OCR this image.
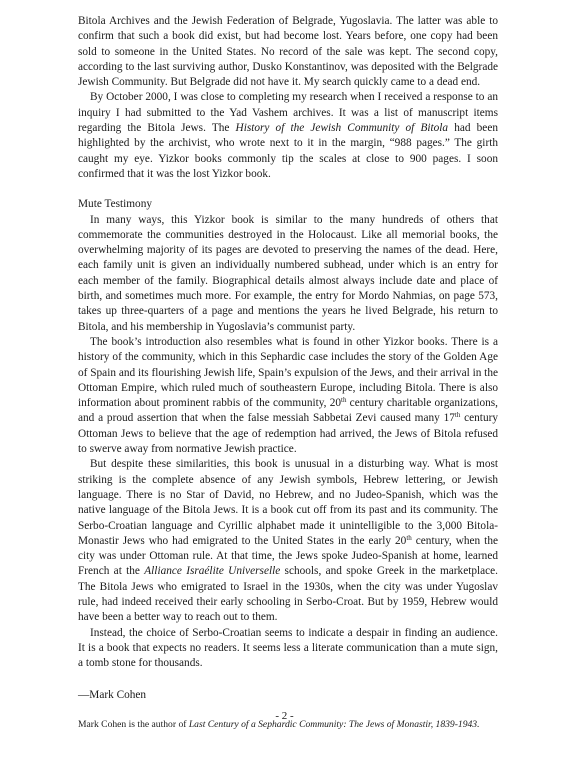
Bitola Archives and the Jewish Federation of Belgrade, Yugoslavia. The latter was able to confirm that such a book did exist, but had become lost. Years before, one copy had been sold to someone in the United States. No record of the sale was kept. The second copy, according to the last surviving author, Dusko Konstantinov, was deposited with the Belgrade Jewish Community. But Belgrade did not have it. My search quickly came to a dead end.

By October 2000, I was close to completing my research when I received a response to an inquiry I had submitted to the Yad Vashem archives. It was a list of manuscript items regarding the Bitola Jews. The History of the Jewish Community of Bitola had been highlighted by the archivist, who wrote next to it in the margin, “988 pages.” The girth caught my eye. Yizkor books commonly tip the scales at close to 900 pages. I soon confirmed that it was the lost Yizkor book.

Mute Testimony

In many ways, this Yizkor book is similar to the many hundreds of others that commemorate the communities destroyed in the Holocaust. Like all memorial books, the overwhelming majority of its pages are devoted to preserving the names of the dead. Here, each family unit is given an individually numbered subhead, under which is an entry for each member of the family. Biographical details almost always include date and place of birth, and sometimes much more. For example, the entry for Mordo Nahmias, on page 573, takes up three-quarters of a page and mentions the years he lived Belgrade, his return to Bitola, and his membership in Yugoslavia’s communist party.

The book’s introduction also resembles what is found in other Yizkor books. There is a history of the community, which in this Sephardic case includes the story of the Golden Age of Spain and its flourishing Jewish life, Spain’s expulsion of the Jews, and their arrival in the Ottoman Empire, which ruled much of southeastern Europe, including Bitola. There is also information about prominent rabbis of the community, 20th century charitable organizations, and a proud assertion that when the false messiah Sabbetai Zevi caused many 17th century Ottoman Jews to believe that the age of redemption had arrived, the Jews of Bitola refused to swerve away from normative Jewish practice.

But despite these similarities, this book is unusual in a disturbing way. What is most striking is the complete absence of any Jewish symbols, Hebrew lettering, or Jewish language. There is no Star of David, no Hebrew, and no Judeo-Spanish, which was the native language of the Bitola Jews. It is a book cut off from its past and its community. The Serbo-Croatian language and Cyrillic alphabet made it unintelligible to the 3,000 Bitola-Monastir Jews who had emigrated to the United States in the early 20th century, when the city was under Ottoman rule. At that time, the Jews spoke Judeo-Spanish at home, learned French at the Alliance Israélite Universelle schools, and spoke Greek in the marketplace. The Bitola Jews who emigrated to Israel in the 1930s, when the city was under Yugoslav rule, had indeed received their early schooling in Serbo-Croat. But by 1959, Hebrew would have been a better way to reach out to them.

Instead, the choice of Serbo-Croatian seems to indicate a despair in finding an audience. It is a book that expects no readers. It seems less a literate communication than a mute sign, a tomb stone for thousands.

—Mark Cohen

Mark Cohen is the author of Last Century of a Sephardic Community: The Jews of Monastir, 1839-1943.

- 2 -
